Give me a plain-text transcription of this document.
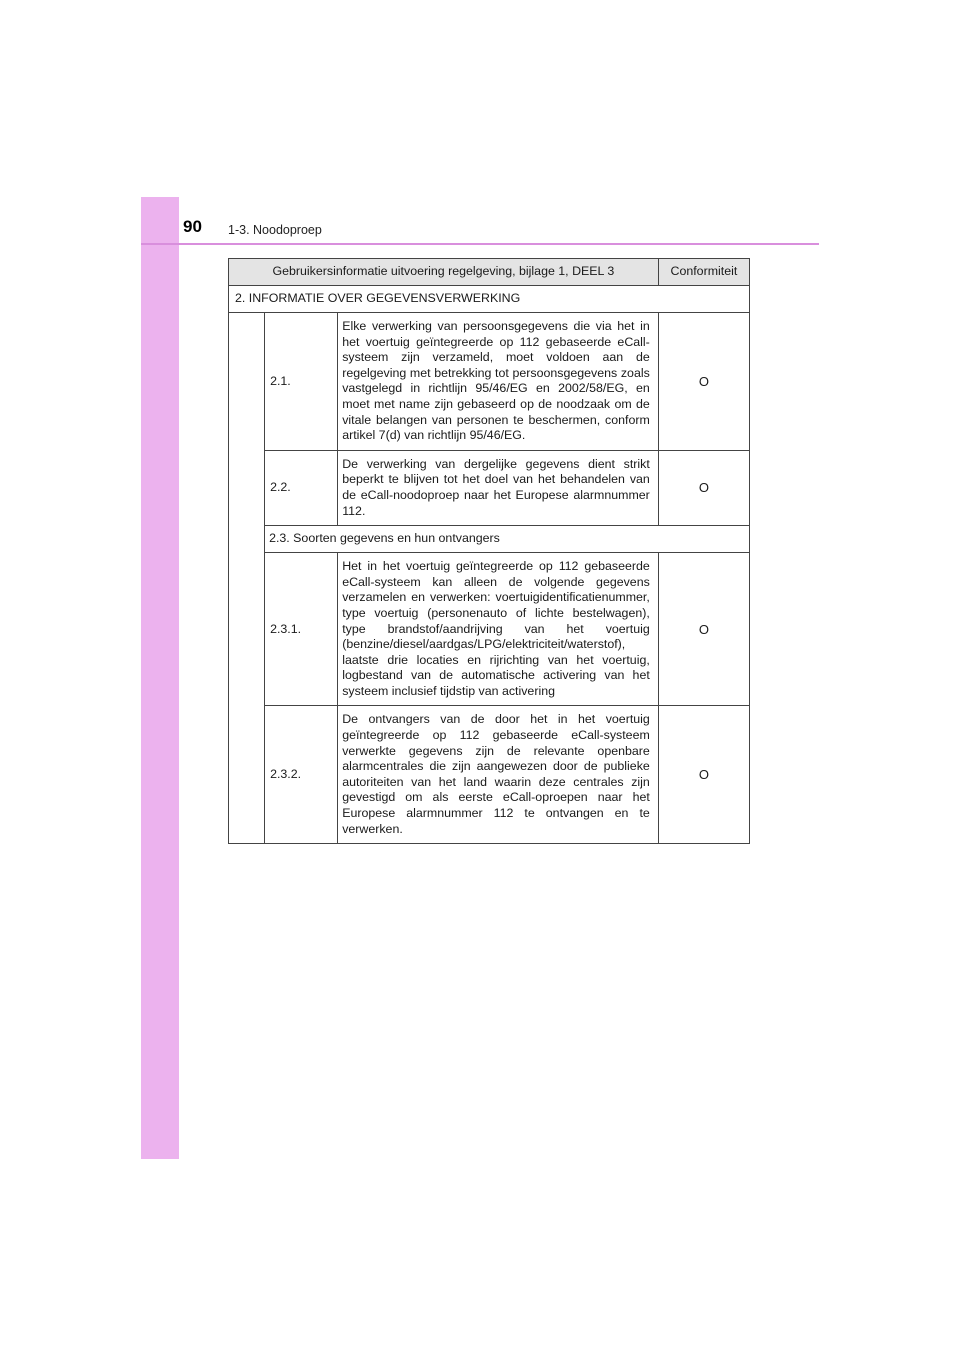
90 1-3. Noodoproep
Gebruikersinformatie uitvoering regelgeving, bijlage 1, DEEL 3			Conformiteit
2. INFORMATIE OVER GEGEVENSVERWERKING			
	2.1.	Elke verwerking van persoonsgegevens die via het in het voertuig geïntegreerde op 112 gebaseerde eCall-systeem zijn verzameld, moet voldoen aan de regelgeving met betrekking tot persoonsgegevens zoals vastgelegd in richtlijn 95/46/EG en 2002/58/EG, en moet met name zijn gebaseerd op de noodzaak om de vitale belangen van personen te beschermen, conform artikel 7(d) van richtlijn 95/46/EG.	O
	2.2.	De verwerking van dergelijke gegevens dient strikt beperkt te blijven tot het doel van het behandelen van de eCall-noodoproep naar het Europese alarmnummer 112.	O
	2.3. Soorten gegevens en hun ontvangers		
	2.3.1.	Het in het voertuig geïntegreerde op 112 gebaseerde eCall-systeem kan alleen de volgende gegevens verzamelen en verwerken: voertuigidentificatienummer, type voertuig (personenauto of lichte bestelwagen), type brandstof/aandrijving van het voertuig (benzine/diesel/aardgas/LPG/elektriciteit/waterstof), laatste drie locaties en rijrichting van het voertuig, logbestand van de automatische activering van het systeem inclusief tijdstip van activering	O
	2.3.2.	De ontvangers van de door het in het voertuig geïntegreerde op 112 gebaseerde eCall-systeem verwerkte gegevens zijn de relevante openbare alarmcentrales die zijn aangewezen door de publieke autoriteiten van het land waarin deze centrales zijn gevestigd om als eerste eCall-oproepen naar het Europese alarmnummer 112 te ontvangen en te verwerken.	O
